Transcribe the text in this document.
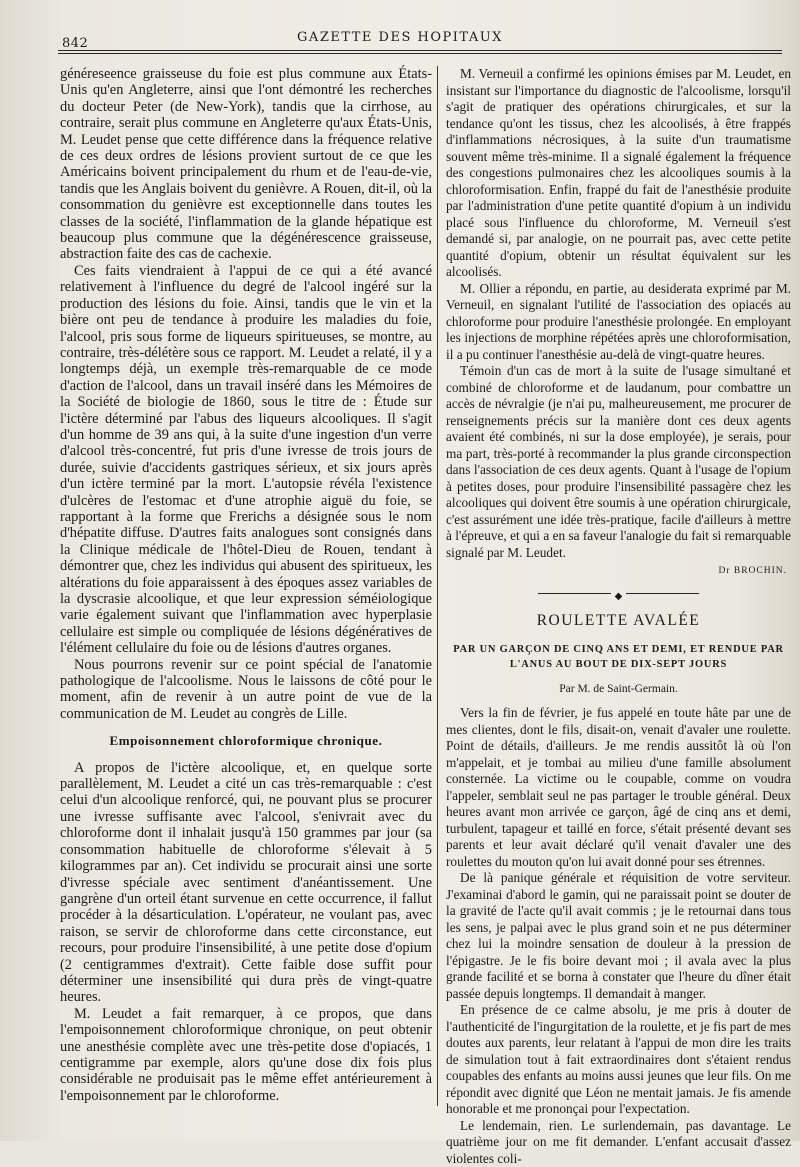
842	GAZETTE DES HOPITAUX

généreseence graisseuse du foie est plus commune aux États-Unis qu'en Angleterre, ainsi que l'ont démontré les recherches du docteur Peter (de New-York), tandis que la cirrhose, au contraire, serait plus commune en Angleterre qu'aux États-Unis, M. Leudet pense que cette différence dans la fréquence relative de ces deux ordres de lésions provient surtout de ce que les Américains boivent principalement du rhum et de l'eau-de-vie, tandis que les Anglais boivent du genièvre. A Rouen, dit-il, où la consommation du genièvre est exceptionnelle dans toutes les classes de la société, l'inflammation de la glande hépatique est beaucoup plus commune que la dégénérescence graisseuse, abstraction faite des cas de cachexie.

Ces faits viendraient à l'appui de ce qui a été avancé relativement à l'influence du degré de l'alcool ingéré sur la production des lésions du foie. Ainsi, tandis que le vin et la bière ont peu de tendance à produire les maladies du foie, l'alcool, pris sous forme de liqueurs spiritueuses, se montre, au contraire, très-délétère sous ce rapport. M. Leudet a relaté, il y a longtemps déjà, un exemple très-remarquable de ce mode d'action de l'alcool, dans un travail inséré dans les Mémoires de la Société de biologie de 1860, sous le titre de : Étude sur l'ictère déterminé par l'abus des liqueurs alcooliques. Il s'agit d'un homme de 39 ans qui, à la suite d'une ingestion d'un verre d'alcool très-concentré, fut pris d'une ivresse de trois jours de durée, suivie d'accidents gastriques sérieux, et six jours après d'un ictère terminé par la mort. L'autopsie révéla l'existence d'ulcères de l'estomac et d'une atrophie aiguë du foie, se rapportant à la forme que Frerichs a désignée sous le nom d'hépatite diffuse. D'autres faits analogues sont consignés dans la Clinique médicale de l'hôtel-Dieu de Rouen, tendant à démontrer que, chez les individus qui abusent des spiritueux, les altérations du foie apparaissent à des époques assez variables de la dyscrasie alcoolique, et que leur expression séméiologique varie également suivant que l'inflammation avec hyperplasie cellulaire est simple ou compliquée de lésions dégénératives de l'élément cellulaire du foie ou de lésions d'autres organes.

Nous pourrons revenir sur ce point spécial de l'anatomie pathologique de l'alcoolisme. Nous le laissons de côté pour le moment, afin de revenir à un autre point de vue de la communication de M. Leudet au congrès de Lille.

Empoisonnement chloroformique chronique.

A propos de l'ictère alcoolique, et, en quelque sorte parallèlement, M. Leudet a cité un cas très-remarquable : c'est celui d'un alcoolique renforcé, qui, ne pouvant plus se procurer une ivresse suffisante avec l'alcool, s'enivrait avec du chloroforme dont il inhalait jusqu'à 150 grammes par jour (sa consommation habituelle de chloroforme s'élevait à 5 kilogrammes par an). Cet individu se procurait ainsi une sorte d'ivresse spéciale avec sentiment d'anéantissement. Une gangrène d'un orteil étant survenue en cette occurrence, il fallut procéder à la désarticulation. L'opérateur, ne voulant pas, avec raison, se servir de chloroforme dans cette circonstance, eut recours, pour produire l'insensibilité, à une petite dose d'opium (2 centigrammes d'extrait). Cette faible dose suffit pour déterminer une insensibilité qui dura près de vingt-quatre heures.

M. Leudet a fait remarquer, à ce propos, que dans l'empoisonnement chloroformique chronique, on peut obtenir une anesthésie complète avec une très-petite dose d'opiacés, 1 centigramme par exemple, alors qu'une dose dix fois plus considérable ne produisait pas le même effet antérieurement à l'empoisonnement par le chloroforme.

M. Verneuil a confirmé les opinions émises par M. Leudet, en insistant sur l'importance du diagnostic de l'alcoolisme, lorsqu'il s'agit de pratiquer des opérations chirurgicales, et sur la tendance qu'ont les tissus, chez les alcoolisés, à être frappés d'inflammations nécrosiques, à la suite d'un traumatisme souvent même très-minime. Il a signalé également la fréquence des congestions pulmonaires chez les alcooliques soumis à la chloroformisation. Enfin, frappé du fait de l'anesthésie produite par l'administration d'une petite quantité d'opium à un individu placé sous l'influence du chloroforme, M. Verneuil s'est demandé si, par analogie, on ne pourrait pas, avec cette petite quantité d'opium, obtenir un résultat équivalent sur les alcoolisés.

M. Ollier a répondu, en partie, au desiderata exprimé par M. Verneuil, en signalant l'utilité de l'association des opiacés au chloroforme pour produire l'anesthésie prolongée. En employant les injections de morphine répétées après une chloroformisation, il a pu continuer l'anesthésie au-delà de vingt-quatre heures.

Témoin d'un cas de mort à la suite de l'usage simultané et combiné de chloroforme et de laudanum, pour combattre un accès de névralgie (je n'ai pu, malheureusement, me procurer de renseignements précis sur la manière dont ces deux agents avaient été combinés, ni sur la dose employée), je serais, pour ma part, très-porté à recommander la plus grande circonspection dans l'association de ces deux agents. Quant à l'usage de l'opium à petites doses, pour produire l'insensibilité passagère chez les alcooliques qui doivent être soumis à une opération chirurgicale, c'est assurément une idée très-pratique, facile d'ailleurs à mettre à l'épreuve, et qui a en sa faveur l'analogie du fait si remarquable signalé par M. Leudet.

Dr BROCHIN.
◆
ROULETTE AVALÉE
PAR UN GARÇON DE CINQ ANS ET DEMI, ET RENDUE PAR L'ANUS AU BOUT DE DIX-SEPT JOURS
Par M. de Saint-Germain.

Vers la fin de février, je fus appelé en toute hâte par une de mes clientes, dont le fils, disait-on, venait d'avaler une roulette. Point de détails, d'ailleurs. Je me rendis aussitôt là où l'on m'appelait, et je tombai au milieu d'une famille absolument consternée. La victime ou le coupable, comme on voudra l'appeler, semblait seul ne pas partager le trouble général. Deux heures avant mon arrivée ce garçon, âgé de cinq ans et demi, turbulent, tapageur et taillé en force, s'était présenté devant ses parents et leur avait déclaré qu'il venait d'avaler une des roulettes du mouton qu'on lui avait donné pour ses étrennes.

De là panique générale et réquisition de votre serviteur. J'examinai d'abord le gamin, qui ne paraissait point se douter de la gravité de l'acte qu'il avait commis ; je le retournai dans tous les sens, je palpai avec le plus grand soin et ne pus déterminer chez lui la moindre sensation de douleur à la pression de l'épigastre. Je le fis boire devant moi ; il avala avec la plus grande facilité et se borna à constater que l'heure du dîner était passée depuis longtemps. Il demandait à manger.

En présence de ce calme absolu, je me pris à douter de l'authenticité de l'ingurgitation de la roulette, et je fis part de mes doutes aux parents, leur relatant à l'appui de mon dire les traits de simulation tout à fait extraordinaires dont s'étaient rendus coupables des enfants au moins aussi jeunes que leur fils. On me répondit avec dignité que Léon ne mentait jamais. Je fis amende honorable et me prononçai pour l'expectation.

Le lendemain, rien. Le surlendemain, pas davantage. Le quatrième jour on me fit demander. L'enfant accusait d'assez violentes coli-
